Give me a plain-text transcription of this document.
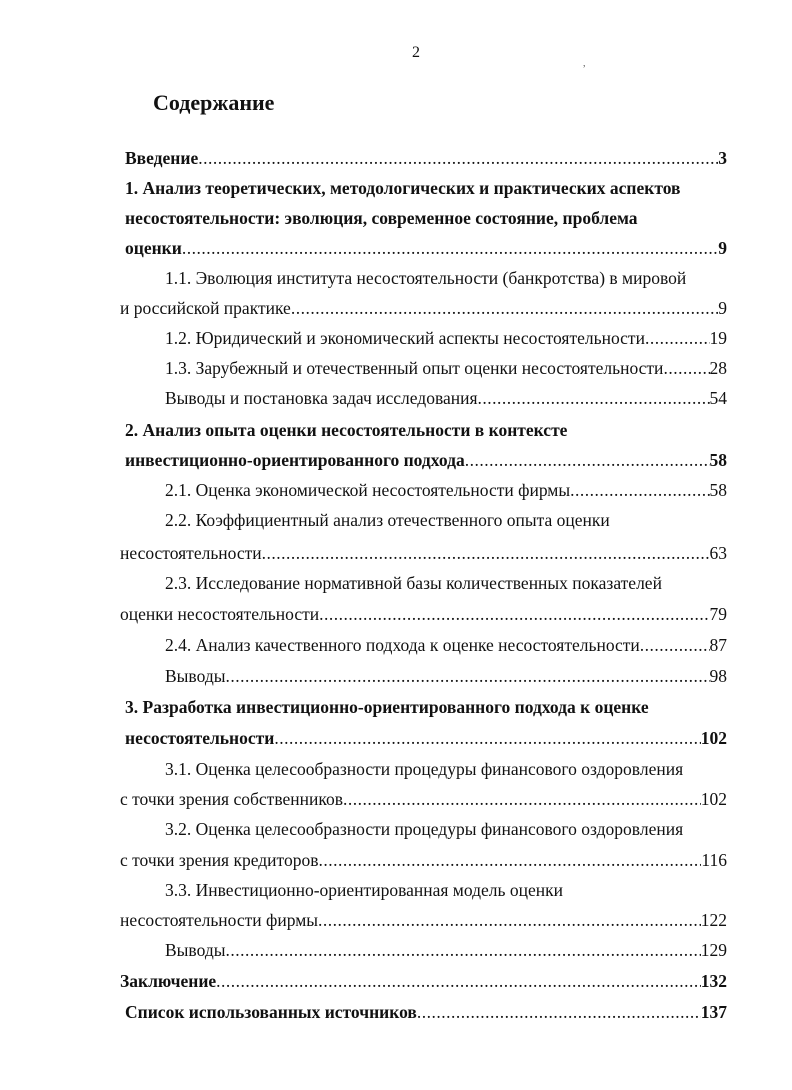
2
,
Содержание
Введение .....	3
1. Анализ теоретических, методологических и практических аспектов
несостоятельности: эволюция, современное состояние, проблема
оценки .....	9
1.1. Эволюция института несостоятельности (банкротства) в мировой
и российской практике .....	9
1.2. Юридический и экономический аспекты несостоятельности .....	19
1.3. Зарубежный и отечественный опыт оценки несостоятельности .....	28
Выводы и постановка задач исследования .....	54
2. Анализ опыта оценки несостоятельности в контексте
инвестиционно-ориентированного подхода .....	58
2.1. Оценка экономической несостоятельности фирмы .....	58
2.2. Коэффициентный анализ отечественного опыта оценки
несостоятельности .....	63
2.3. Исследование нормативной базы количественных показателей
оценки несостоятельности .....	79
2.4. Анализ качественного подхода к оценке несостоятельности .....	87
Выводы .....	98
3. Разработка инвестиционно-ориентированного подхода к оценке
несостоятельности .....	102
3.1. Оценка целесообразности процедуры финансового оздоровления
с точки зрения собственников .....	102
3.2. Оценка целесообразности процедуры финансового оздоровления
с точки зрения кредиторов .....	116
3.3. Инвестиционно-ориентированная модель оценки
несостоятельности фирмы .....	122
Выводы .....	129
Заключение .....	132
Список использованных источников .....	137
